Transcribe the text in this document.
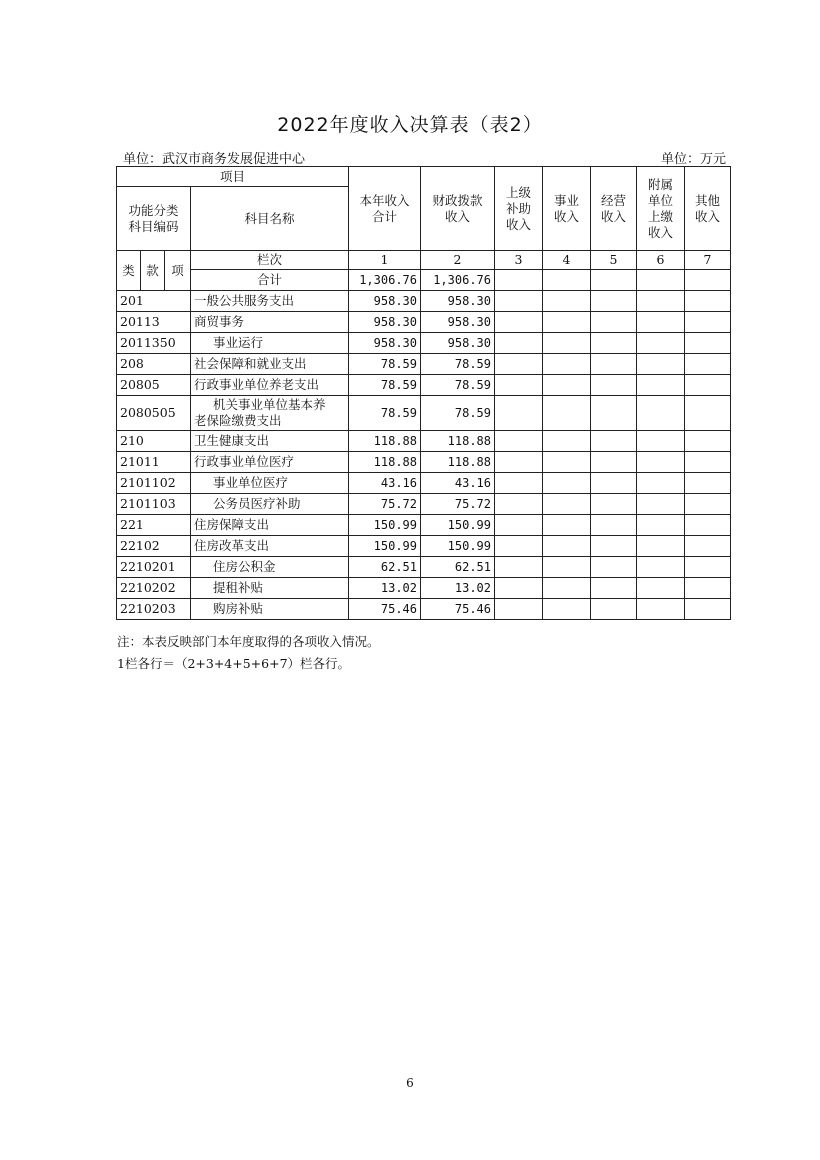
2022年度收入决算表（表2）
单位：武汉市商务发展促进中心	单位：万元
项目				本年收入合计	财政拨款收入	上级补助收入	事业收入	经营收入	附属单位上缴收入	其他收入
功能分类科目编码			科目名称							
类	款	项	栏次	1	2	3	4	5	6	7
			合计	1,306.76	1,306.76					
201			一般公共服务支出	958.30	958.30					
20113			商贸事务	958.30	958.30					
2011350			事业运行	958.30	958.30					
208			社会保障和就业支出	78.59	78.59					
20805			行政事业单位养老支出	78.59	78.59					
2080505			机关事业单位基本养
老保险缴费支出	78.59	78.59					
210			卫生健康支出	118.88	118.88					
21011			行政事业单位医疗	118.88	118.88					
2101102			事业单位医疗	43.16	43.16					
2101103			公务员医疗补助	75.72	75.72					
221			住房保障支出	150.99	150.99					
22102			住房改革支出	150.99	150.99					
2210201			住房公积金	62.51	62.51					
2210202			提租补贴	13.02	13.02					
2210203			购房补贴	75.46	75.46					
注：本表反映部门本年度取得的各项收入情况。
1栏各行＝（2+3+4+5+6+7）栏各行。
6
